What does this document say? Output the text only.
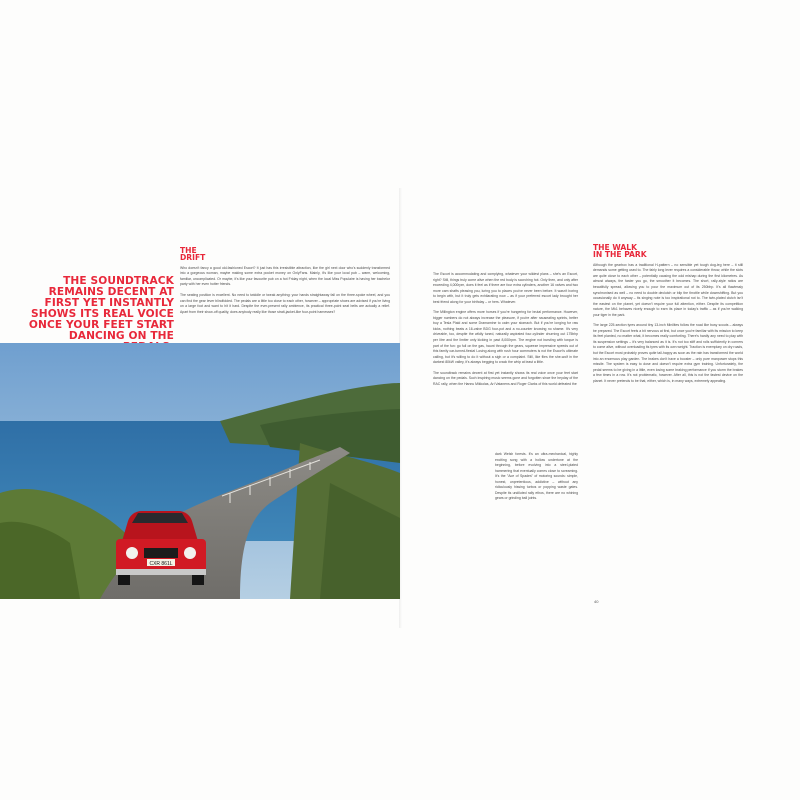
THE SOUNDTRACK REMAINS DECENT AT FIRST YET INSTANTLY SHOWS ITS REAL VOICE ONCE YOUR FEET START DANCING ON THE
THE
DRIFT

Who doesn't fancy a good old-fashioned Escort? It just has this irresistible attraction, like the girl next door who's suddenly transformed into a gorgeous woman, maybe making some extra pocket money on OnlyFans. Mainly, it's like your local pub – warm, welcoming, familiar, uncomplicated. Or maybe, it's like your favourite pub on a hot Friday night, when the local Miss Populaire is having her bachelor party with her even hotter friends.

The seating position is excellent. No need to twiddle or tweak anything: your hands straightaway fall on the three-spoke wheel, and you can find the gear lever blindfolded. The pedals are a little too close to each other, however – appropriate shoes are advised if you're living on a large foot and want to hit it hard. Despite the ever-present rally ambience, its practical three-point seat belts are actually a relief. Apart from their show-off quality, does anybody really like those strait-jacket-like four-point harnesses?

CXR 861L

The Escort is accommodating and complying, whatever your wildest plans – she's an Escort, right? Still, things truly come alive when the red body is scorching hot. Only then, and only after exceeding 4,000rpm, does it feel as if there are four extra cylinders, another 16 valves and two more cam shafts pleasing you, luring you to places you've never been before. It wasn't boring to begin with, but it truly gets exhilarating now – as if your preferred escort lady brought her best friend along for your birthday – or hers. Whatever.

The Millington engine offers more horses if you're hungering for brutal performance. However, bigger numbers do not always increase the pleasure, if you're after nauseating sprints, better buy a Tesla Plaid and some Dramamine to calm your stomach. But if you're longing for raw kicks, nothing beats a 16-valve BDG four-pot and a no-counter knowing no shame. It's very driveable, too, despite the wildly tuned, naturally aspirated four-cylinder churning out 175bhp per litre and the limiter only kicking in past 8,000rpm. The engine not bursting with torque is part of the fun: go full on the gas, haunt through the gears, squeeze impressive speeds out of this family car-turned-fiesta! Losing along with rush hour commuters is not the Escort's ultimate calling, but it's willing to do it without a sigh or a complaint. Still, like flies the she-wolf in the darkest 80kW valley, it's always begging to crack the whip at least a little.

The soundtrack remains decent at first yet instantly shows its real voice once your feet start dancing on the pedals. Such inspiring music seems gone and forgotten since the heyday of the RAC rally, when the Hannu Mikkolas, Ari Vatanens and Roger Clarks of this world defeated the

dark Welsh forests. It's an ultra-mechanical, highly exciting song with a hollow undertone at the beginning, before evolving into a steel-plated hammering that eventually comes close to screaming. It's the "Ace of Spades" of motoring sounds: simple, honest, unpretentious, addictive – without any ridiculously hissing turbos or popping waste gates. Despite its undiluted rally ethos, there are no whining gears or grinding ball joints.

THE WALK
IN THE PARK

Although the gearbox has a traditional H-pattern – no sensible yet tough dog-leg here – it still demands some getting used to. The fairly long lever requires a considerable throw, while the slots are quite close to each other – potentially causing the odd mishap during the first kilometres. As almost always, the faster you go, the smoother it becomes. The short, rally-style ratios are beautifully spread, allowing you to pour the maximum out of its 250bhp. It's all flawlessly synchronised as well – no need to double declutch or blip the throttle while downshifting. But you occasionally do it anyway – its singing note is too inspirational not to. The twin-plated clutch isn't the easiest on the planet, yet doesn't require your full attention, either. Despite its competition nature, the Mk1 behaves nicely enough to earn its place in today's traffic – as if you're walking your tiger in the park.

The large 225-section tyres around tiny 13-inch Minilites follow the road like busy scouts – always be prepared. The Escort feels a bit nervous at first, but once you're familiar with its mission to keep its feet planted, no matter what, it becomes really comforting. There's hardly any need to play with its suspension settings – it's very balanced as it is. It's not too stiff and rolls sufficiently in corners to come alive, without overloading its tyres with its own weight. Traction is exemplary on dry roads, but the Escort most probably proves quite tail-happy as soon as the rain has transformed the world into an enormous play garden. The brakes don't have a booster – only pure manpower stops this missile. The system is easy to dose and doesn't require extra gym training. Unfortunately, the pedal seems to be giving in a little, even losing some braking performance if you storm the brakes a few times in a row. It's not problematic, however. After all, this is not the fastest device on the planet. It never pretends to be that, either, which is, in many ways, extremely appealing.

40
